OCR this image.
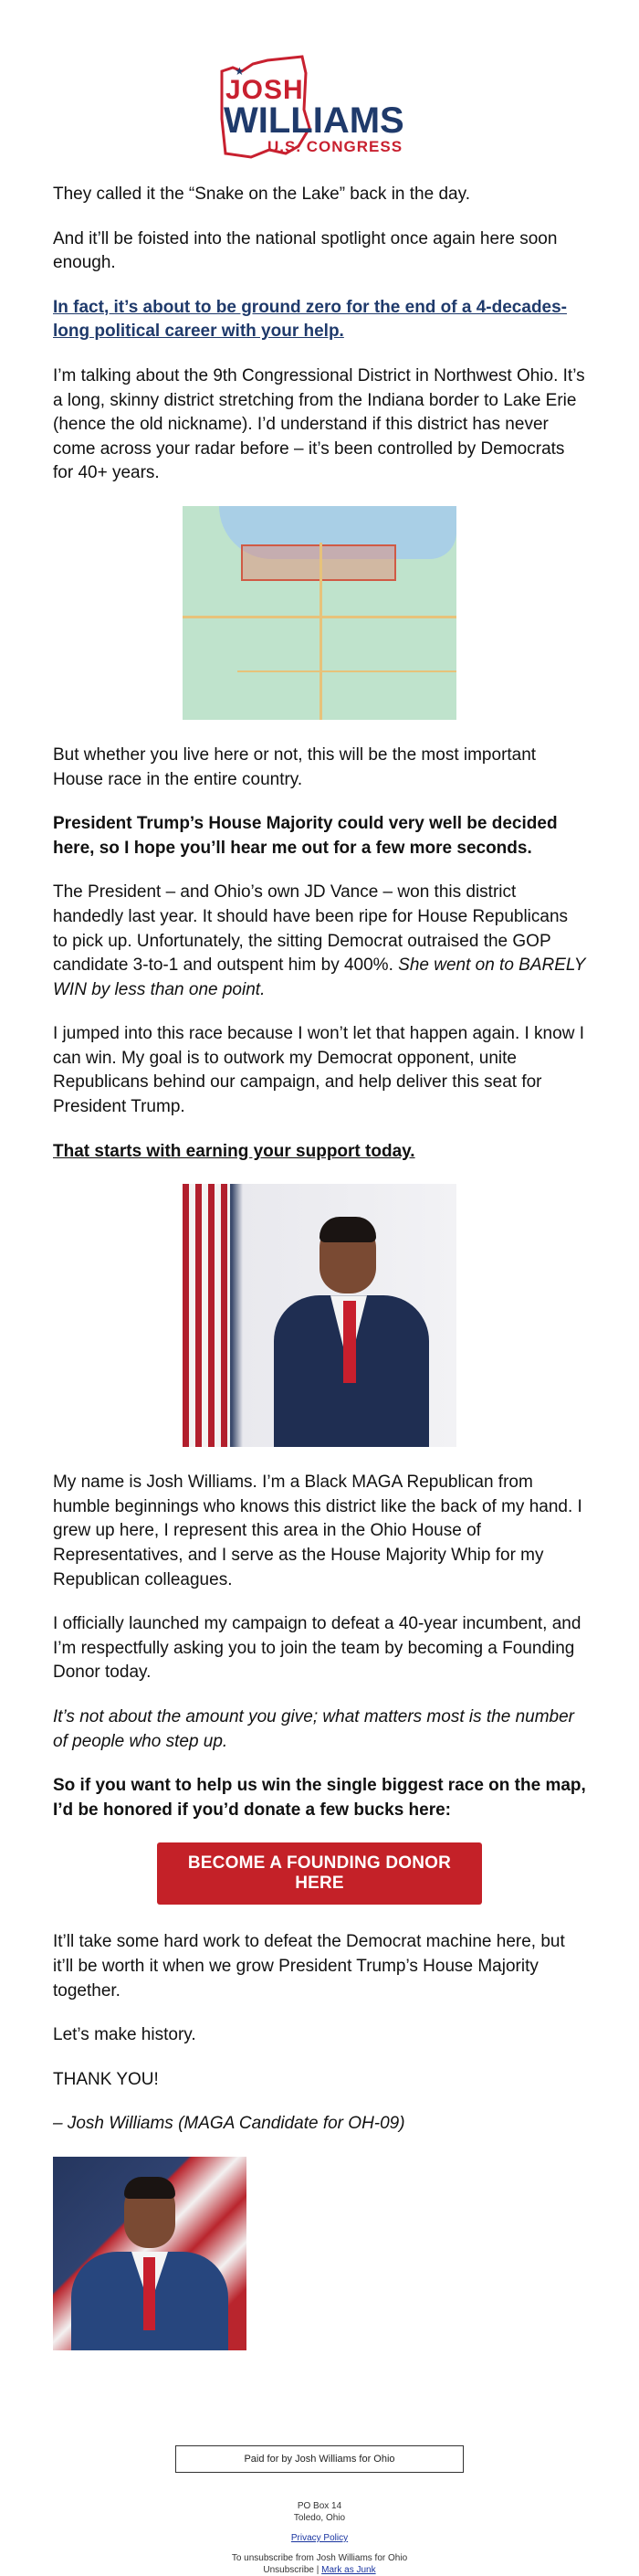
★
JOSH
WILLIAMS
U.S. CONGRESS

They called it the “Snake on the Lake” back in the day.

And it’ll be foisted into the national spotlight once again here soon enough.

In fact, it’s about to be ground zero for the end of a 4-decades-long political career with your help.

I’m talking about the 9th Congressional District in Northwest Ohio. It’s a long, skinny district stretching from the Indiana border to Lake Erie (hence the old nickname). I’d understand if this district has never come across your radar before – it’s been controlled by Democrats for 40+ years.

But whether you live here or not, this will be the most important House race in the entire country.

President Trump’s House Majority could very well be decided here, so I hope you’ll hear me out for a few more seconds.

The President – and Ohio’s own JD Vance – won this district handedly last year. It should have been ripe for House Republicans to pick up. Unfortunately, the sitting Democrat outraised the GOP candidate 3-to-1 and outspent him by 400%. She went on to BARELY WIN by less than one point.

I jumped into this race because I won’t let that happen again. I know I can win. My goal is to outwork my Democrat opponent, unite Republicans behind our campaign, and help deliver this seat for President Trump.

That starts with earning your support today.

My name is Josh Williams. I’m a Black MAGA Republican from humble beginnings who knows this district like the back of my hand. I grew up here, I represent this area in the Ohio House of Representatives, and I serve as the House Majority Whip for my Republican colleagues.

I officially launched my campaign to defeat a 40-year incumbent, and I’m respectfully asking you to join the team by becoming a Founding Donor today.

It’s not about the amount you give; what matters most is the number of people who step up.

So if you want to help us win the single biggest race on the map, I’d be honored if you’d donate a few bucks here:

BECOME A FOUNDING DONOR HERE

It’ll take some hard work to defeat the Democrat machine here, but it’ll be worth it when we grow President Trump’s House Majority together.

Let’s make history.

THANK YOU!

– Josh Williams (MAGA Candidate for OH-09)

Paid for by Josh Williams for Ohio
PO Box 14
Toledo, Ohio
Privacy Policy
To unsubscribe from Josh Williams for Ohio
Unsubscribe | Mark as Junk
